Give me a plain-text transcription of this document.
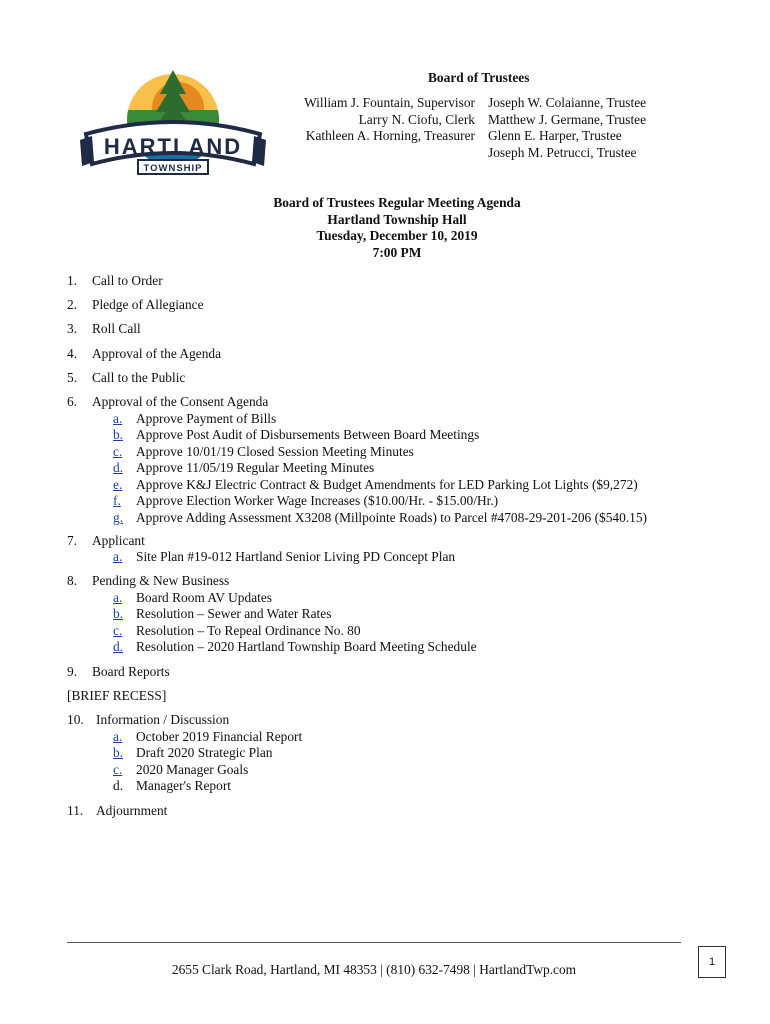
HARTLAND
TOWNSHIP
Board of Trustees
William J. Fountain, Supervisor
Larry N. Ciofu, Clerk
Kathleen A. Horning, Treasurer
Joseph W. Colaianne, Trustee
Matthew J. Germane, Trustee
Glenn E. Harper, Trustee
Joseph M. Petrucci, Trustee
Board of Trustees Regular Meeting Agenda
Hartland Township Hall
Tuesday, December 10, 2019
7:00 PM
1. Call to Order
2. Pledge of Allegiance
3. Roll Call
4. Approval of the Agenda
5. Call to the Public
6. Approval of the Consent Agenda
a. Approve Payment of Bills
b. Approve Post Audit of Disbursements Between Board Meetings
c. Approve 10/01/19 Closed Session Meeting Minutes
d. Approve 11/05/19 Regular Meeting Minutes
e. Approve K&J Electric Contract & Budget Amendments for LED Parking Lot Lights ($9,272)
f. Approve Election Worker Wage Increases ($10.00/Hr. - $15.00/Hr.)
g. Approve Adding Assessment X3208 (Millpointe Roads) to Parcel #4708-29-201-206 ($540.15)
7. Applicant
a. Site Plan #19-012 Hartland Senior Living PD Concept Plan
8. Pending & New Business
a. Board Room AV Updates
b. Resolution – Sewer and Water Rates
c. Resolution – To Repeal Ordinance No. 80
d. Resolution – 2020 Hartland Township Board Meeting Schedule
9. Board Reports
[BRIEF RECESS]
10. Information / Discussion
a. October 2019 Financial Report
b. Draft 2020 Strategic Plan
c. 2020 Manager Goals
d. Manager's Report
11. Adjournment
2655 Clark Road, Hartland, MI 48353 | (810) 632-7498 | HartlandTwp.com	1
